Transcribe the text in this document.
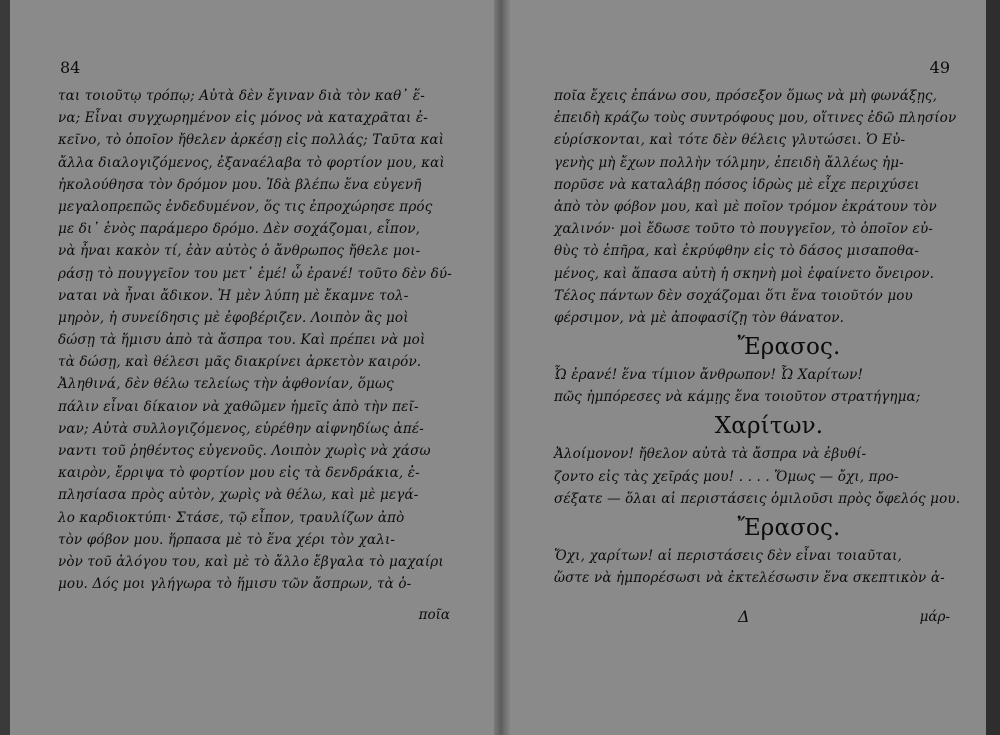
84
ται τοιοῦτῳ τρόπῳ; Αὐτὰ δὲν ἔγιναν διὰ τὸν καθ᾽ ἕ-
να; Εἶναι συγχωρημένον εἰς μόνος νὰ καταχρᾶται ἐ-
κεῖνο, τὸ ὁποῖον ἤθελεν ἀρκέσῃ εἰς πολλάς; Ταῦτα καὶ
ἄλλα διαλογιζόμενος, ἐξαναέλαβα τὸ φορτίον μου, καὶ
ἠκολούθησα τὸν δρόμον μου. Ἰδὰ βλέπω ἕνα εὐγενῆ
μεγαλοπρεπῶς ἐνδεδυμένον, ὅς τις ἐπροχώρησε πρός
με δι᾽ ἑνὸς παράμερο δρόμο. Δὲν σοχάζομαι, εἶπον,
νὰ ἦναι κακὸν τί, ἐὰν αὐτὸς ὁ ἄνθρωπος ἤθελε μοι-
ράσῃ τὸ πουγγεῖον του μετ᾽ ἐμέ! ὦ ἐρανέ! τοῦτο δὲν δύ-
ναται νὰ ἦναι ἄδικον. Ἡ μὲν λύπη μὲ ἔκαμνε τολ-
μηρὸν, ἡ συνείδησις μὲ ἐφοβέριζεν. Λοιπὸν ἂς μοὶ
δώσῃ τὰ ἥμισυ ἀπὸ τὰ ἄσπρα του. Καὶ πρέπει νὰ μοὶ
τὰ δώσῃ, καὶ θέλεσι μᾶς διακρίνει ἀρκετὸν καιρόν.
Ἀληθινά, δὲν θέλω τελείως τὴν ἀφθονίαν, ὅμως
πάλιν εἶναι δίκαιον νὰ χαθῶμεν ἡμεῖς ἀπὸ τὴν πεῖ-
ναν; Αὐτὰ συλλογιζόμενος, εὑρέθην αἰφνηδίως ἀπέ-
ναντι τοῦ ῥηθέντος εὐγενοῦς. Λοιπὸν χωρὶς νὰ χάσω
καιρὸν, ἔρριψα τὸ φορτίον μου εἰς τὰ δενδράκια, ἐ-
πλησίασα πρὸς αὐτὸν, χωρὶς νὰ θέλω, καὶ μὲ μεγά-
λο καρδιοκτύπι· Στάσε, τῷ εἶπον, τραυλίζων ἀπὸ
τὸν φόβον μου. ἥρπασα μὲ τὸ ἕνα χέρι τὸν χαλι-
νὸν τοῦ ἀλόγου του, καὶ μὲ τὸ ἄλλο ἔβγαλα τὸ μαχαίρι
μου. Δός μοι γλήγωρα τὸ ἥμισυ τῶν ἄσπρων, τὰ ὁ-
ποῖα
49
ποῖα ἔχεις ἐπάνω σου, πρόσεξον ὅμως νὰ μὴ φωνάξῃς,
ἐπειδὴ κράζω τοὺς συντρόφους μου, οἵτινες ἐδῶ πλησίον
εὑρίσκονται, καὶ τότε δὲν θέλεις γλυτώσει. Ὁ Εὐ-
γενὴς μὴ ἔχων πολλὴν τόλμην, ἐπειδὴ ἄλλέως ἠμ-
πορῦσε νὰ καταλάβῃ πόσος ἱδρὼς μὲ εἶχε περιχύσει
ἀπὸ τὸν φόβον μου, καὶ μὲ ποῖον τρόμον ἐκράτουν τὸν
χαλινόν· μοὶ ἔδωσε τοῦτο τὸ πουγγεῖον, τὸ ὁποῖον εὐ-
θὺς τὸ ἐπῆρα, καὶ ἐκρύφθην εἰς τὸ δάσος μισαποθα-
μένος, καὶ ἅπασα αὐτὴ ἡ σκηνὴ μοὶ ἐφαίνετο ὄνειρον.
Τέλος πάντων δὲν σοχάζομαι ὅτι ἕνα τοιοῦτόν μου
φέρσιμον, νὰ μὲ ἀποφασίζῃ τὸν θάνατον.
Ἔρασος.
Ὦ ἐρανέ! ἕνα τίμιον ἄνθρωπον! Ὦ Χαρίτων!
πῶς ἠμπόρεσες νὰ κάμῃς ἕνα τοιοῦτον στρατήγημα;
Χαρίτων.
Ἀλοίμονον! ἤθελον αὐτὰ τὰ ἄσπρα νὰ ἐβυθί-
ζοντο εἰς τὰς χεῖράς μου! . . . . Ὅμως — ὄχι, προ-
σέξατε — ὅλαι αἱ περιστάσεις ὁμιλοῦσι πρὸς ὄφελός μου.
Ἔρασος.
Ὄχι, χαρίτων! αἱ περιστάσεις δὲν εἶναι τοιαῦται,
ὥστε νὰ ἠμπορέσωσι νὰ ἐκτελέσωσιν ἕνα σκεπτικὸν ἀ-
Δ	μάρ-
